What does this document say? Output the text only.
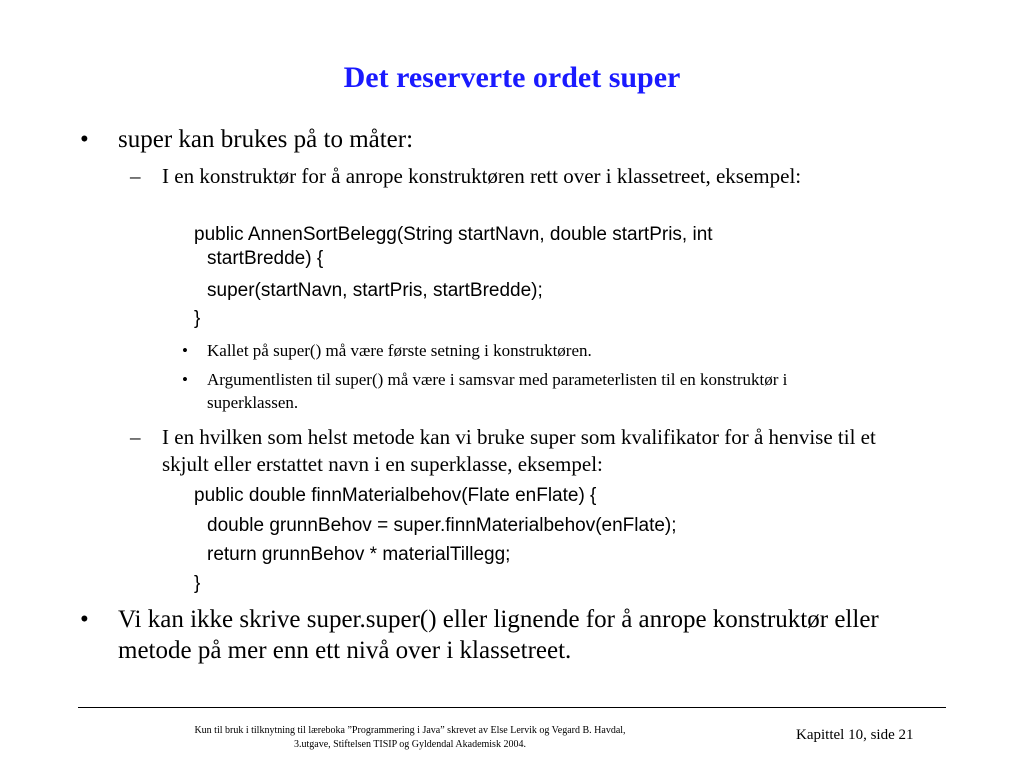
Det reserverte ordet super
• super kan brukes på to måter:
– I en konstruktør for å anrope konstruktøren rett over i klassetreet, eksempel:
public AnnenSortBelegg(String startNavn, double startPris, int
startBredde) {
super(startNavn, startPris, startBredde);
}
• Kallet på super() må være første setning i konstruktøren.
• Argumentlisten til super() må være i samsvar med parameterlisten til en konstruktør i superklassen.
– I en hvilken som helst metode kan vi bruke super som kvalifikator for å henvise til et skjult eller erstattet navn i en superklasse, eksempel:
public double finnMaterialbehov(Flate enFlate) {
double grunnBehov = super.finnMaterialbehov(enFlate);
return grunnBehov * materialTillegg;
}
• Vi kan ikke skrive super.super() eller lignende for å anrope konstruktør eller metode på mer enn ett nivå over i klassetreet.
Kun til bruk i tilknytning til læreboka ”Programmering i Java” skrevet av Else Lervik og Vegard B. Havdal,
3.utgave, Stiftelsen TISIP og Gyldendal Akademisk 2004.
Kapittel 10, side 21
